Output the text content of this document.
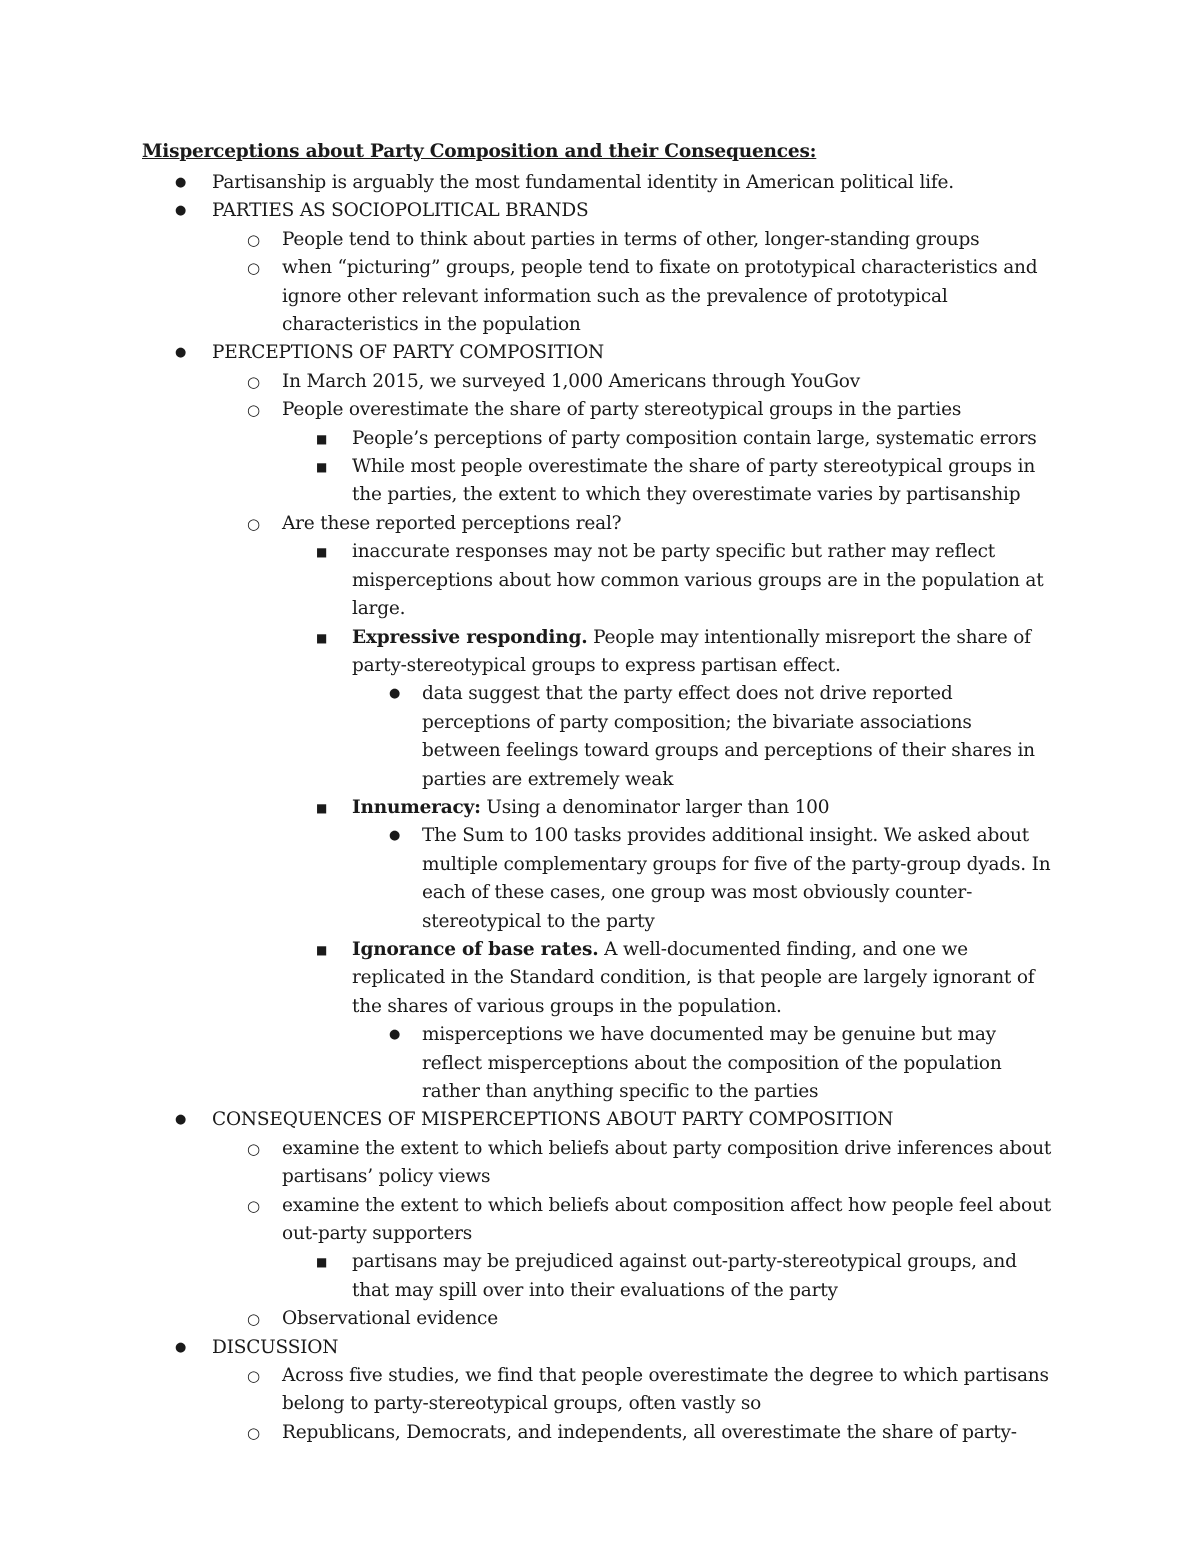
Misperceptions about Party Composition and their Consequences:
● Partisanship is arguably the most fundamental identity in American political life.
● PARTIES AS SOCIOPOLITICAL BRANDS
○ People tend to think about parties in terms of other, longer-standing groups
○ when “picturing” groups, people tend to fixate on prototypical characteristics and ignore other relevant information such as the prevalence of prototypical characteristics in the population
● PERCEPTIONS OF PARTY COMPOSITION
○ In March 2015, we surveyed 1,000 Americans through YouGov
○ People overestimate the share of party stereotypical groups in the parties
■ People’s perceptions of party composition contain large, systematic errors
■ While most people overestimate the share of party stereotypical groups in the parties, the extent to which they overestimate varies by partisanship
○ Are these reported perceptions real?
■ inaccurate responses may not be party specific but rather may reflect misperceptions about how common various groups are in the population at large.
■ Expressive responding. People may intentionally misreport the share of party-stereotypical groups to express partisan effect.
● data suggest that the party effect does not drive reported perceptions of party composition; the bivariate associations between feelings toward groups and perceptions of their shares in parties are extremely weak
■ Innumeracy: Using a denominator larger than 100
● The Sum to 100 tasks provides additional insight. We asked about multiple complementary groups for five of the party-group dyads. In each of these cases, one group was most obviously counter-stereotypical to the party
■ Ignorance of base rates. A well-documented finding, and one we replicated in the Standard condition, is that people are largely ignorant of the shares of various groups in the population.
● misperceptions we have documented may be genuine but may reflect misperceptions about the composition of the population rather than anything specific to the parties
● CONSEQUENCES OF MISPERCEPTIONS ABOUT PARTY COMPOSITION
○ examine the extent to which beliefs about party composition drive inferences about partisans’ policy views
○ examine the extent to which beliefs about composition affect how people feel about out-party supporters
■ partisans may be prejudiced against out-party-stereotypical groups, and that may spill over into their evaluations of the party
○ Observational evidence
● DISCUSSION
○ Across five studies, we find that people overestimate the degree to which partisans belong to party-stereotypical groups, often vastly so
○ Republicans, Democrats, and independents, all overestimate the share of party-
